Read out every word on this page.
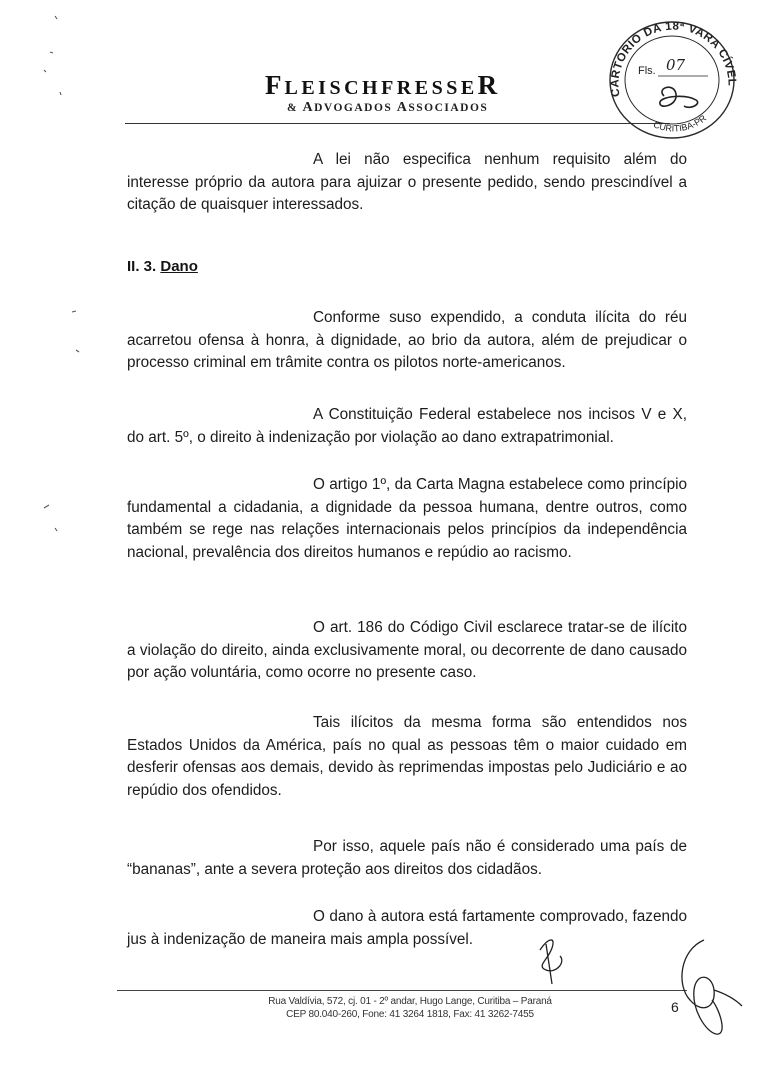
FLEISCHFRESSER
& ADVOGADOS ASSOCIADOS
CARTÓRIO DA 18ª VARA CÍVEL
CURITIBA-PR
Fls. 07
A lei não especifica nenhum requisito além do interesse próprio da autora para ajuizar o presente pedido, sendo prescindível a citação de quaisquer interessados.
II. 3. Dano
Conforme suso expendido, a conduta ilícita do réu acarretou ofensa à honra, à dignidade, ao brio da autora, além de prejudicar o processo criminal em trâmite contra os pilotos norte-americanos.
A Constituição Federal estabelece nos incisos V e X, do art. 5º, o direito à indenização por violação ao dano extrapatrimonial.
O artigo 1º, da Carta Magna estabelece como princípio fundamental a cidadania, a dignidade da pessoa humana, dentre outros, como também se rege nas relações internacionais pelos princípios da independência nacional, prevalência dos direitos humanos e repúdio ao racismo.
O art. 186 do Código Civil esclarece tratar-se de ilícito a violação do direito, ainda exclusivamente moral, ou decorrente de dano causado por ação voluntária, como ocorre no presente caso.
Tais ilícitos da mesma forma são entendidos nos Estados Unidos da América, país no qual as pessoas têm o maior cuidado em desferir ofensas aos demais, devido às reprimendas impostas pelo Judiciário e ao repúdio dos ofendidos.
Por isso, aquele país não é considerado uma país de “bananas”, ante a severa proteção aos direitos dos cidadãos.
O dano à autora está fartamente comprovado, fazendo jus à indenização de maneira mais ampla possível.
Rua Valdívia, 572, cj. 01 - 2º andar, Hugo Lange, Curitiba – Paraná
CEP 80.040-260, Fone: 41 3264 1818, Fax: 41 3262-7455	6
